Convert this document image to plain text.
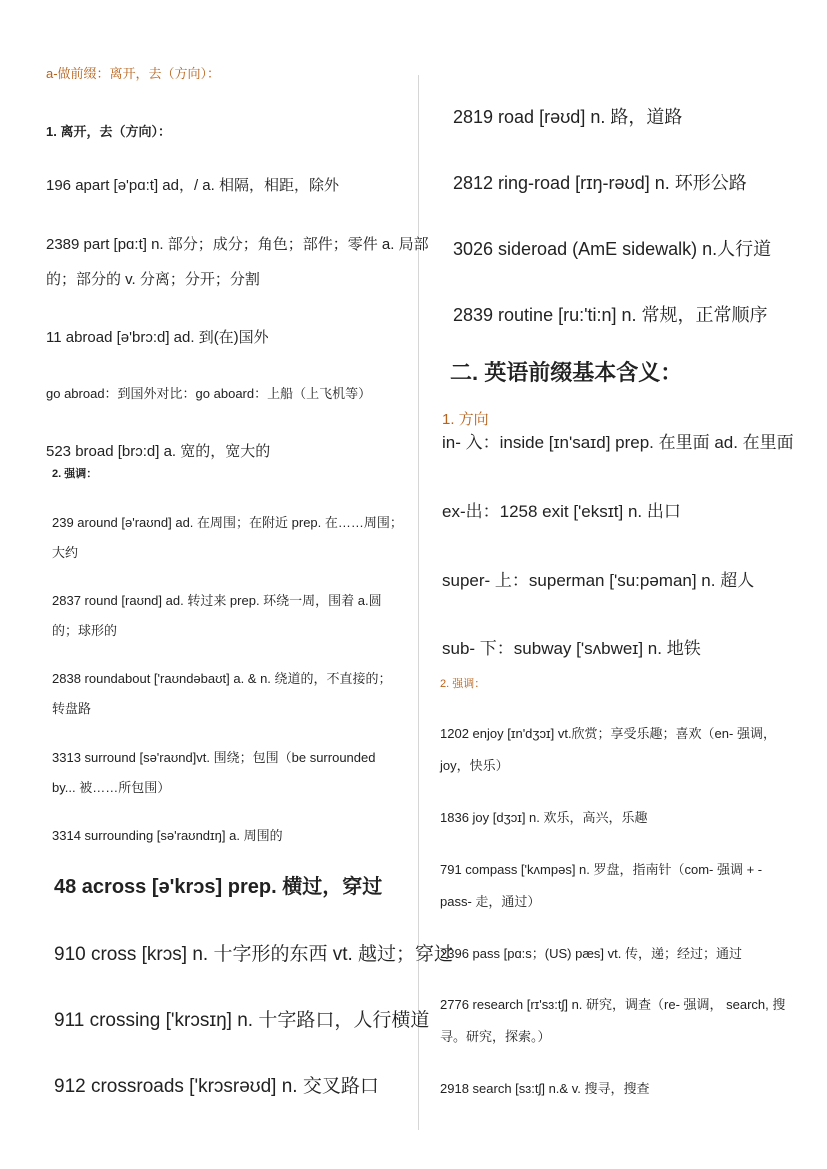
a-做前缀：离开，去（方向）：
1. 离开，去（方向）：
196 apart [ə'pɑ:t] ad，/ a. 相隔，相距，除外
2389 part [pɑ:t] n. 部分；成分；角色；部件；零件 a. 局部
的；部分的 v. 分离；分开；分割
11 abroad [ə'brɔ:d] ad. 到(在)国外
go abroad：到国外对比：go aboard：上船（上飞机等）
523 broad [brɔ:d] a. 宽的，宽大的
2. 强调：
239 around [ə'raʊnd] ad. 在周围；在附近 prep. 在……周围；
大约
2837 round [raʊnd] ad. 转过来 prep. 环绕一周，围着 a.圆
的；球形的
2838 roundabout ['raʊndəbaʊt] a. & n. 绕道的，不直接的；
转盘路
3313 surround [sə'raʊnd]vt. 围绕；包围（be surrounded
by... 被……所包围）
3314 surrounding [sə'raʊndɪŋ] a. 周围的
48 across [ə'krɔs] prep. 横过，穿过
910 cross [krɔs] n. 十字形的东西 vt. 越过；穿过
911 crossing ['krɔsɪŋ] n. 十字路口，人行横道
912 crossroads ['krɔsrəʊd] n. 交叉路口
2819 road [rəʊd] n. 路，道路
2812 ring-road [rɪŋ-rəʊd] n. 环形公路
3026 sideroad (AmE sidewalk) n.人行道
2839 routine [ru:'ti:n] n. 常规，正常顺序
二. 英语前缀基本含义：
1. 方向
in- 入：inside [ɪn'saɪd] prep. 在里面 ad. 在里面
ex-出：1258 exit ['eksɪt] n. 出口
super- 上：superman ['su:pəman] n. 超人
sub- 下：subway ['sʌbweɪ] n. 地铁
2. 强调：
1202 enjoy [ɪn'dʒɔɪ] vt.欣赏；享受乐趣；喜欢（en- 强调，
joy，快乐）
1836 joy [dʒɔɪ] n. 欢乐，高兴，乐趣
791 compass ['kʌmpəs] n. 罗盘，指南针（com- 强调 + -
pass- 走，通过）
2396 pass [pɑ:s；(US) pæs] vt. 传，递；经过；通过
2776 research [rɪ'sɜ:tʃ] n. 研究，调查（re- 强调， search, 搜
寻。研究，探索。）
2918 search [sɜ:tʃ] n.& v. 搜寻，搜查
